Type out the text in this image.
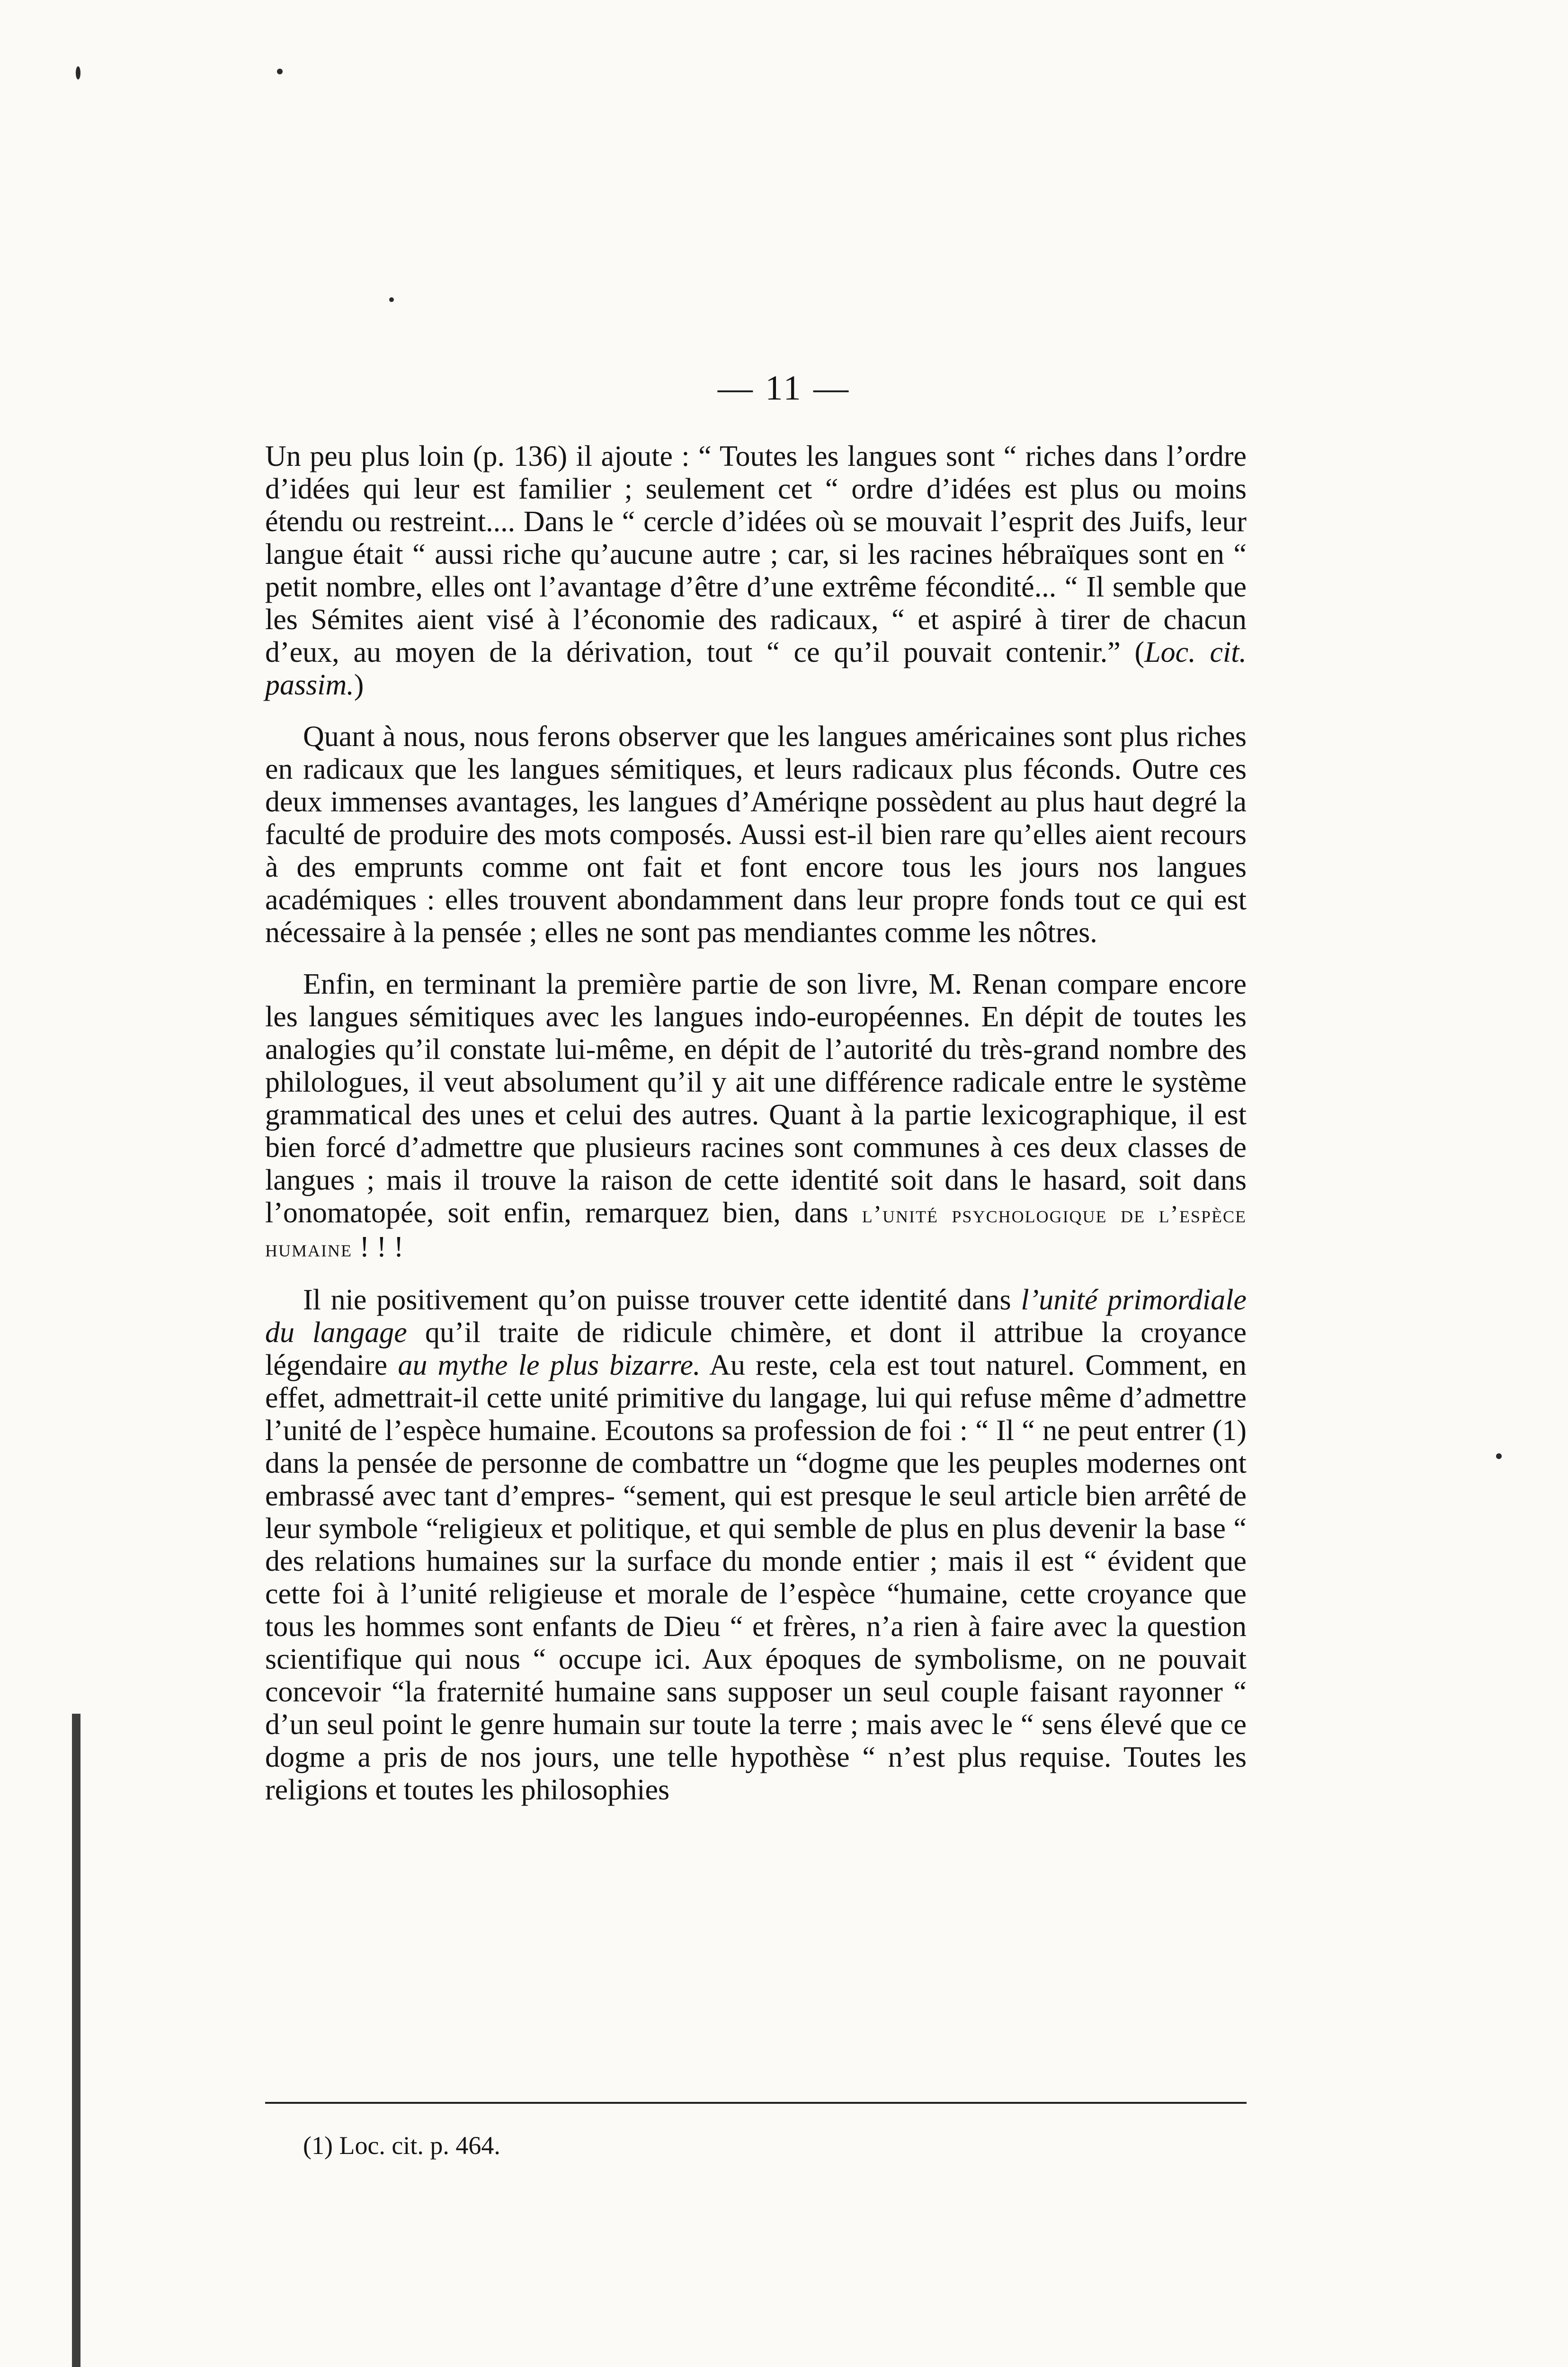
— 11 —

Un peu plus loin (p. 136) il ajoute : “ Toutes les langues sont “ riches dans l’ordre d’idées qui leur est familier ; seulement cet “ ordre d’idées est plus ou moins étendu ou restreint.... Dans le “ cercle d’idées où se mouvait l’esprit des Juifs, leur langue était “ aussi riche qu’aucune autre ; car, si les racines hébraïques sont en “ petit nombre, elles ont l’avantage d’être d’une extrême fécondité... “ Il semble que les Sémites aient visé à l’économie des radicaux, “ et aspiré à tirer de chacun d’eux, au moyen de la dérivation, tout “ ce qu’il pouvait contenir.” (Loc. cit. passim.)

Quant à nous, nous ferons observer que les langues américaines sont plus riches en radicaux que les langues sémitiques, et leurs radicaux plus féconds. Outre ces deux immenses avantages, les langues d’Amériqne possèdent au plus haut degré la faculté de produire des mots composés. Aussi est-il bien rare qu’elles aient recours à des emprunts comme ont fait et font encore tous les jours nos langues académiques : elles trouvent abondamment dans leur propre fonds tout ce qui est nécessaire à la pensée ; elles ne sont pas mendiantes comme les nôtres.

Enfin, en terminant la première partie de son livre, M. Renan compare encore les langues sémitiques avec les langues indo-européennes. En dépit de toutes les analogies qu’il constate lui-même, en dépit de l’autorité du très-grand nombre des philologues, il veut absolument qu’il y ait une différence radicale entre le système grammatical des unes et celui des autres. Quant à la partie lexicographique, il est bien forcé d’admettre que plusieurs racines sont communes à ces deux classes de langues ; mais il trouve la raison de cette identité soit dans le hasard, soit dans l’onomatopée, soit enfin, remarquez bien, dans l’unité psychologique de l’espèce humaine ! ! !

Il nie positivement qu’on puisse trouver cette identité dans l’unité primordiale du langage qu’il traite de ridicule chimère, et dont il attribue la croyance légendaire au mythe le plus bizarre. Au reste, cela est tout naturel. Comment, en effet, admettrait-il cette unité primitive du langage, lui qui refuse même d’admettre l’unité de l’espèce humaine. Ecoutons sa profession de foi : “ Il “ ne peut entrer (1) dans la pensée de personne de combattre un “dogme que les peuples modernes ont embrassé avec tant d’empres- “sement, qui est presque le seul article bien arrêté de leur symbole “religieux et politique, et qui semble de plus en plus devenir la base “ des relations humaines sur la surface du monde entier ; mais il est “ évident que cette foi à l’unité religieuse et morale de l’espèce “humaine, cette croyance que tous les hommes sont enfants de Dieu “ et frères, n’a rien à faire avec la question scientifique qui nous “ occupe ici. Aux époques de symbolisme, on ne pouvait concevoir “la fraternité humaine sans supposer un seul couple faisant rayonner “ d’un seul point le genre humain sur toute la terre ; mais avec le “ sens élevé que ce dogme a pris de nos jours, une telle hypothèse “ n’est plus requise. Toutes les religions et toutes les philosophies

(1) Loc. cit. p. 464.
